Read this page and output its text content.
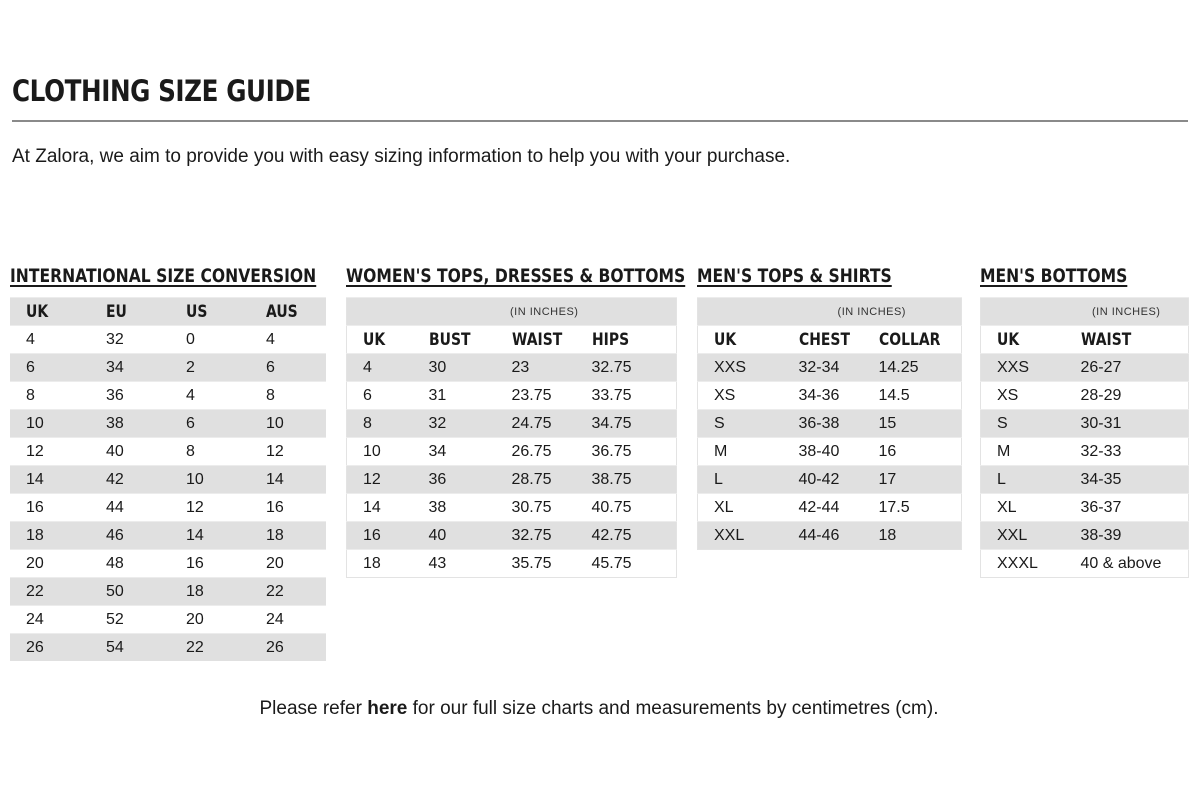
CLOTHING SIZE GUIDE

At Zalora, we aim to provide you with easy sizing information to help you with your purchase.

INTERNATIONAL SIZE CONVERSION
UK	EU	US	AUS
4	32	0	4
6	34	2	6
8	36	4	8
10	38	6	10
12	40	8	12
14	42	10	14
16	44	12	16
18	46	14	18
20	48	16	20
22	50	18	22
24	52	20	24
26	54	22	26
WOMEN'S TOPS, DRESSES & BOTTOMS
	(IN INCHES)		
UK	BUST	WAIST	HIPS
4	30	23	32.75
6	31	23.75	33.75
8	32	24.75	34.75
10	34	26.75	36.75
12	36	28.75	38.75
14	38	30.75	40.75
16	40	32.75	42.75
18	43	35.75	45.75
MEN'S TOPS & SHIRTS
	(IN INCHES)	
UK	CHEST	COLLAR
XXS	32-34	14.25
XS	34-36	14.5
S	36-38	15
M	38-40	16
L	40-42	17
XL	42-44	17.5
XXL	44-46	18
MEN'S BOTTOMS
	(IN INCHES)
UK	WAIST
XXS	26-27
XS	28-29
S	30-31
M	32-33
L	34-35
XL	36-37
XXL	38-39
XXXL	40 & above

Please refer here for our full size charts and measurements by centimetres (cm).
